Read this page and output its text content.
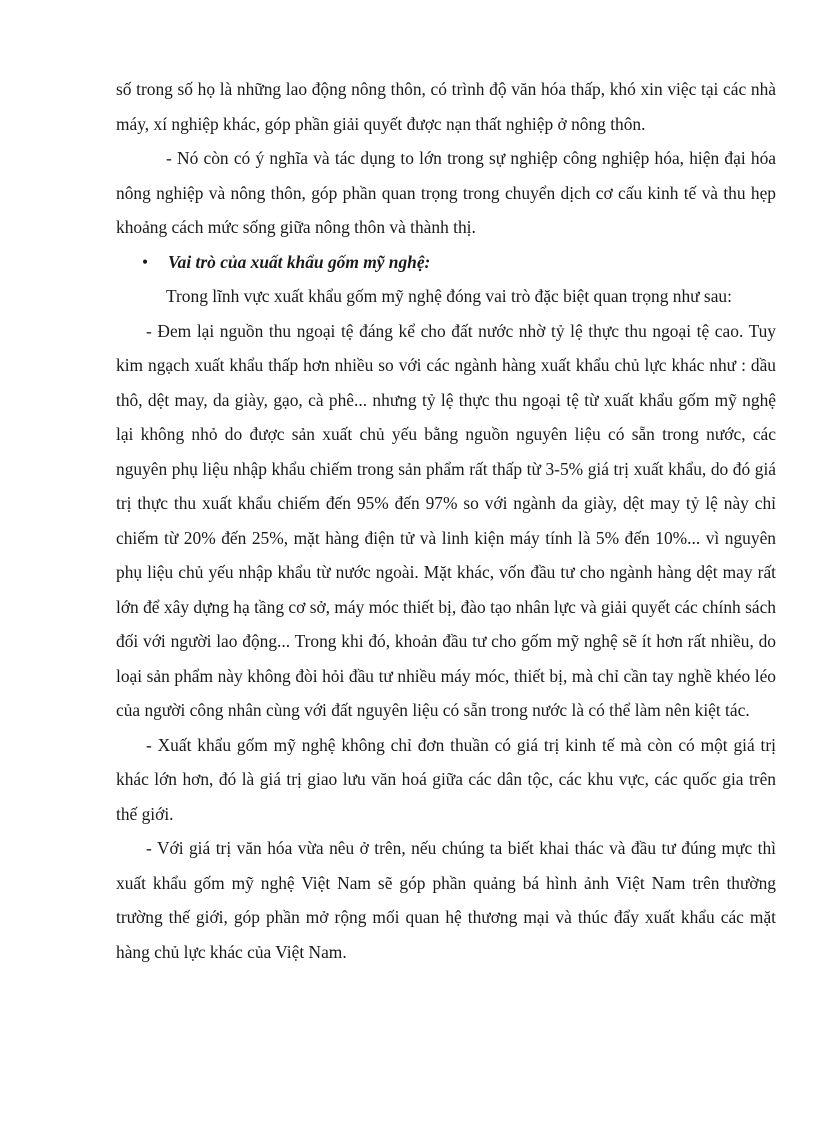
số trong số họ là những lao động nông thôn, có trình độ văn hóa thấp, khó xin việc tại các nhà máy, xí nghiệp khác, góp phần giải quyết được nạn thất nghiệp ở nông thôn.

- Nó còn có ý nghĩa và tác dụng to lớn trong sự nghiệp công nghiệp hóa, hiện đại hóa nông nghiệp và nông thôn, góp phần quan trọng trong chuyển dịch cơ cấu kinh tế và thu hẹp khoảng cách mức sống giữa nông thôn và thành thị.

• Vai trò của xuất khẩu gốm mỹ nghệ:

Trong lĩnh vực xuất khẩu gốm mỹ nghệ đóng vai trò đặc biệt quan trọng như sau:

- Đem lại nguồn thu ngoại tệ đáng kể cho đất nước nhờ tỷ lệ thực thu ngoại tệ cao. Tuy kim ngạch xuất khẩu thấp hơn nhiều so với các ngành hàng xuất khẩu chủ lực khác như : dầu thô, dệt may, da giày, gạo, cà phê... nhưng tỷ lệ thực thu ngoại tệ từ xuất khẩu gốm mỹ nghệ lại không nhỏ do được sản xuất chủ yếu bằng nguồn nguyên liệu có sẵn trong nước, các nguyên phụ liệu nhập khẩu chiếm trong sản phẩm rất thấp từ 3-5% giá trị xuất khẩu, do đó giá trị thực thu xuất khẩu chiếm đến 95% đến 97% so với ngành da giày, dệt may tỷ lệ này chỉ chiếm từ 20% đến 25%, mặt hàng điện tử và linh kiện máy tính là 5% đến 10%... vì nguyên phụ liệu chủ yếu nhập khẩu từ nước ngoài. Mặt khác, vốn đầu tư cho ngành hàng dệt may rất lớn để xây dựng hạ tầng cơ sở, máy móc thiết bị, đào tạo nhân lực và giải quyết các chính sách đối với người lao động... Trong khi đó, khoản đầu tư cho gốm mỹ nghệ sẽ ít hơn rất nhiều, do loại sản phẩm này không đòi hỏi đầu tư nhiều máy móc, thiết bị, mà chỉ cần tay nghề khéo léo của người công nhân cùng với đất nguyên liệu có sẵn trong nước là có thể làm nên kiệt tác.

- Xuất khẩu gốm mỹ nghệ không chỉ đơn thuần có giá trị kinh tế mà còn có một giá trị khác lớn hơn, đó là giá trị giao lưu văn hoá giữa các dân tộc, các khu vực, các quốc gia trên thế giới.

- Với giá trị văn hóa vừa nêu ở trên, nếu chúng ta biết khai thác và đầu tư đúng mực thì xuất khẩu gốm mỹ nghệ Việt Nam sẽ góp phần quảng bá hình ảnh Việt Nam trên thường trường thế giới, góp phần mở rộng mối quan hệ thương mại và thúc đẩy xuất khẩu các mặt hàng chủ lực khác của Việt Nam.
